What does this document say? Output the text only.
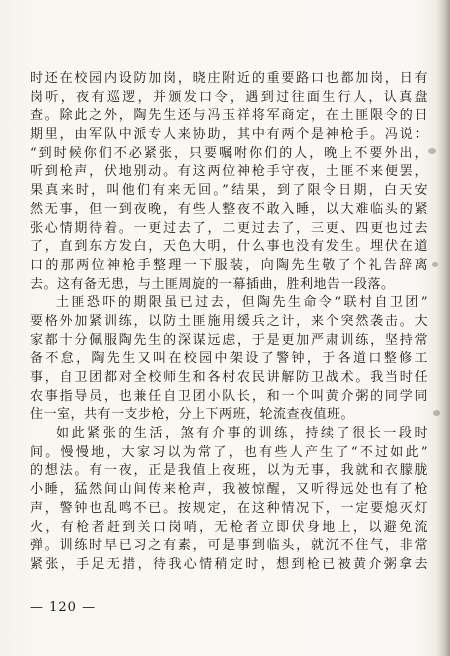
时还在校园内设防加岗，晓庄附近的重要路口也都加岗，日有
岗听，夜有巡逻，并颁发口令，遇到过往面生行人，认真盘
查。除此之外，陶先生还与冯玉祥将军商定，在土匪限令的日
期里，由军队中派专人来协助，其中有两个是神枪手。冯说：
“到时候你们不必紧张，只要嘱咐你们的人，晚上不要外出，
听到枪声，伏地别动。有这两位神枪手守夜，土匪不来便罢，
果真来时，叫他们有来无回。”结果，到了限令日期，白天安
然无事，但一到夜晚，有些人整夜不敢入睡，以大难临头的紧
张心情期待着。一更过去了，二更过去了，三更、四更也过去
了，直到东方发白，天色大明，什么事也没有发生。埋伏在道
口的那两位神枪手整理一下服装，向陶先生敬了个礼告辞离
去。这有备无患，与土匪周旋的一幕插曲，胜利地告一段落。
土匪恐吓的期限虽已过去，但陶先生命令“联村自卫团”
要格外加紧训练，以防土匪施用缓兵之计，来个突然袭击。大
家都十分佩服陶先生的深谋远虑，于是更加严肃训练，坚持常
备不怠，陶先生又叫在校园中架设了警钟，于各道口整修工
事，自卫团都对全校师生和各村农民讲解防卫战术。我当时任
农事指导员，也兼任自卫团小队长，和一个叫黄介粥的同学同
住一室，共有一支步枪，分上下两班，轮流查夜值班。
如此紧张的生活，煞有介事的训练，持续了很长一段时
间。慢慢地，大家习以为常了，也有些人产生了“不过如此”
的想法。有一夜，正是我值上夜班，以为无事，我就和衣朦胧
小睡，猛然间山间传来枪声，我被惊醒，又听得远处也有了枪
声，警钟也乱鸣不已。按规定，在这种情况下，一定要熄灭灯
火，有枪者赶到关口岗哨，无枪者立即伏身地上，以避免流
弹。训练时早已习之有素，可是事到临头，就沉不住气，非常
紧张，手足无措，待我心情稍定时，想到枪已被黄介粥拿去
— 120 —
